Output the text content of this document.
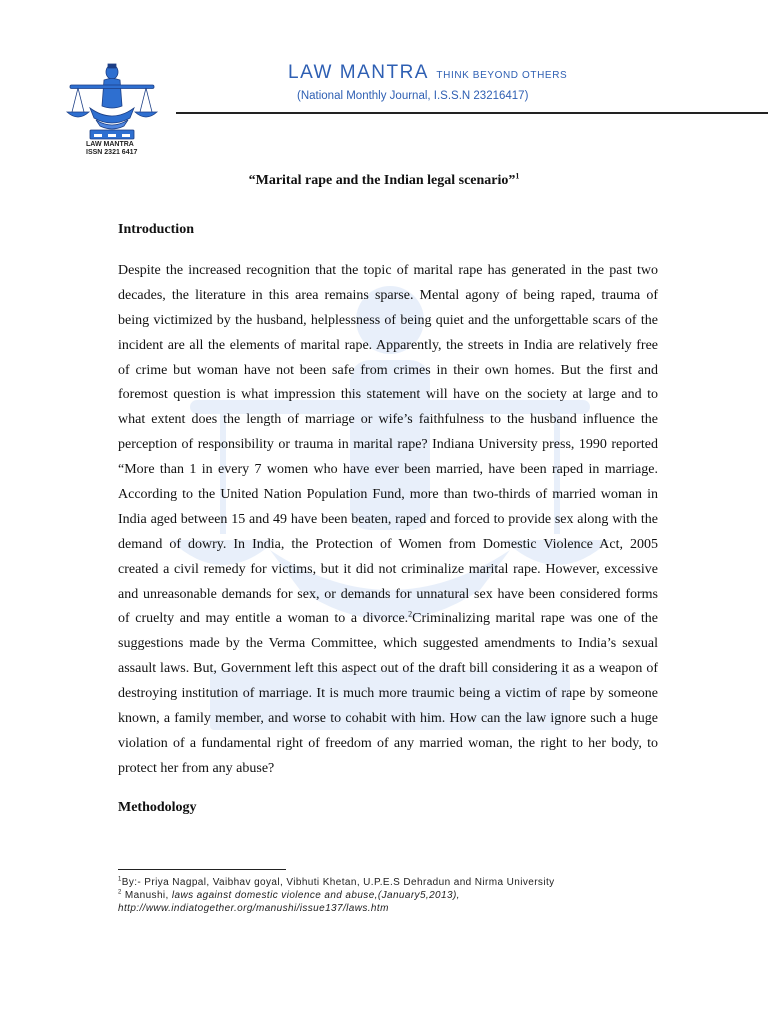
LAW MANTRA
ISSN 2321 6417
LAW MANTRA THINK BEYOND OTHERS
(National Monthly Journal, I.S.S.N 23216417)
“Marital rape and the Indian legal scenario”$^1$
Introduction
Despite the increased recognition that the topic of marital rape has generated in the past two
decades, the literature in this area remains sparse. Mental agony of being raped, trauma of
being victimized by the husband, helplessness of being quiet and the unforgettable scars of the
incident are all the elements of marital rape. Apparently, the streets in India are relatively free
of crime but woman have not been safe from crimes in their own homes. But the first and
foremost question is what impression this statement will have on the society at large and to
what extent does the length of marriage or wife’s faithfulness to the husband influence the
perception of responsibility or trauma in marital rape? Indiana University press, 1990 reported
“More than 1 in every 7 women who have ever been married, have been raped in marriage.
According to the United Nation Population Fund, more than two-thirds of married woman in
India aged between 15 and 49 have been beaten, raped and forced to provide sex along with the
demand of dowry. In India, the Protection of Women from Domestic Violence Act, 2005
created a civil remedy for victims, but it did not criminalize marital rape. However, excessive
and unreasonable demands for sex, or demands for unnatural sex have been considered forms
of cruelty and may entitle a woman to a divorce.$^2$Criminalizing marital rape was one of the
suggestions made by the Verma Committee, which suggested amendments to India’s sexual
assault laws. But, Government left this aspect out of the draft bill considering it as a weapon of
destroying institution of marriage. It is much more traumic being a victim of rape by someone
known, a family member, and worse to cohabit with him. How can the law ignore such a huge
violation of a fundamental right of freedom of any married woman, the right to her body, to
protect her from any abuse?
Methodology
$^1$By:- Priya Nagpal, Vaibhav goyal, Vibhuti Khetan, U.P.E.S Dehradun and Nirma University
$^2$ Manushi, laws against domestic violence and abuse,(January5,2013),
http://www.indiatogether.org/manushi/issue137/laws.htm
